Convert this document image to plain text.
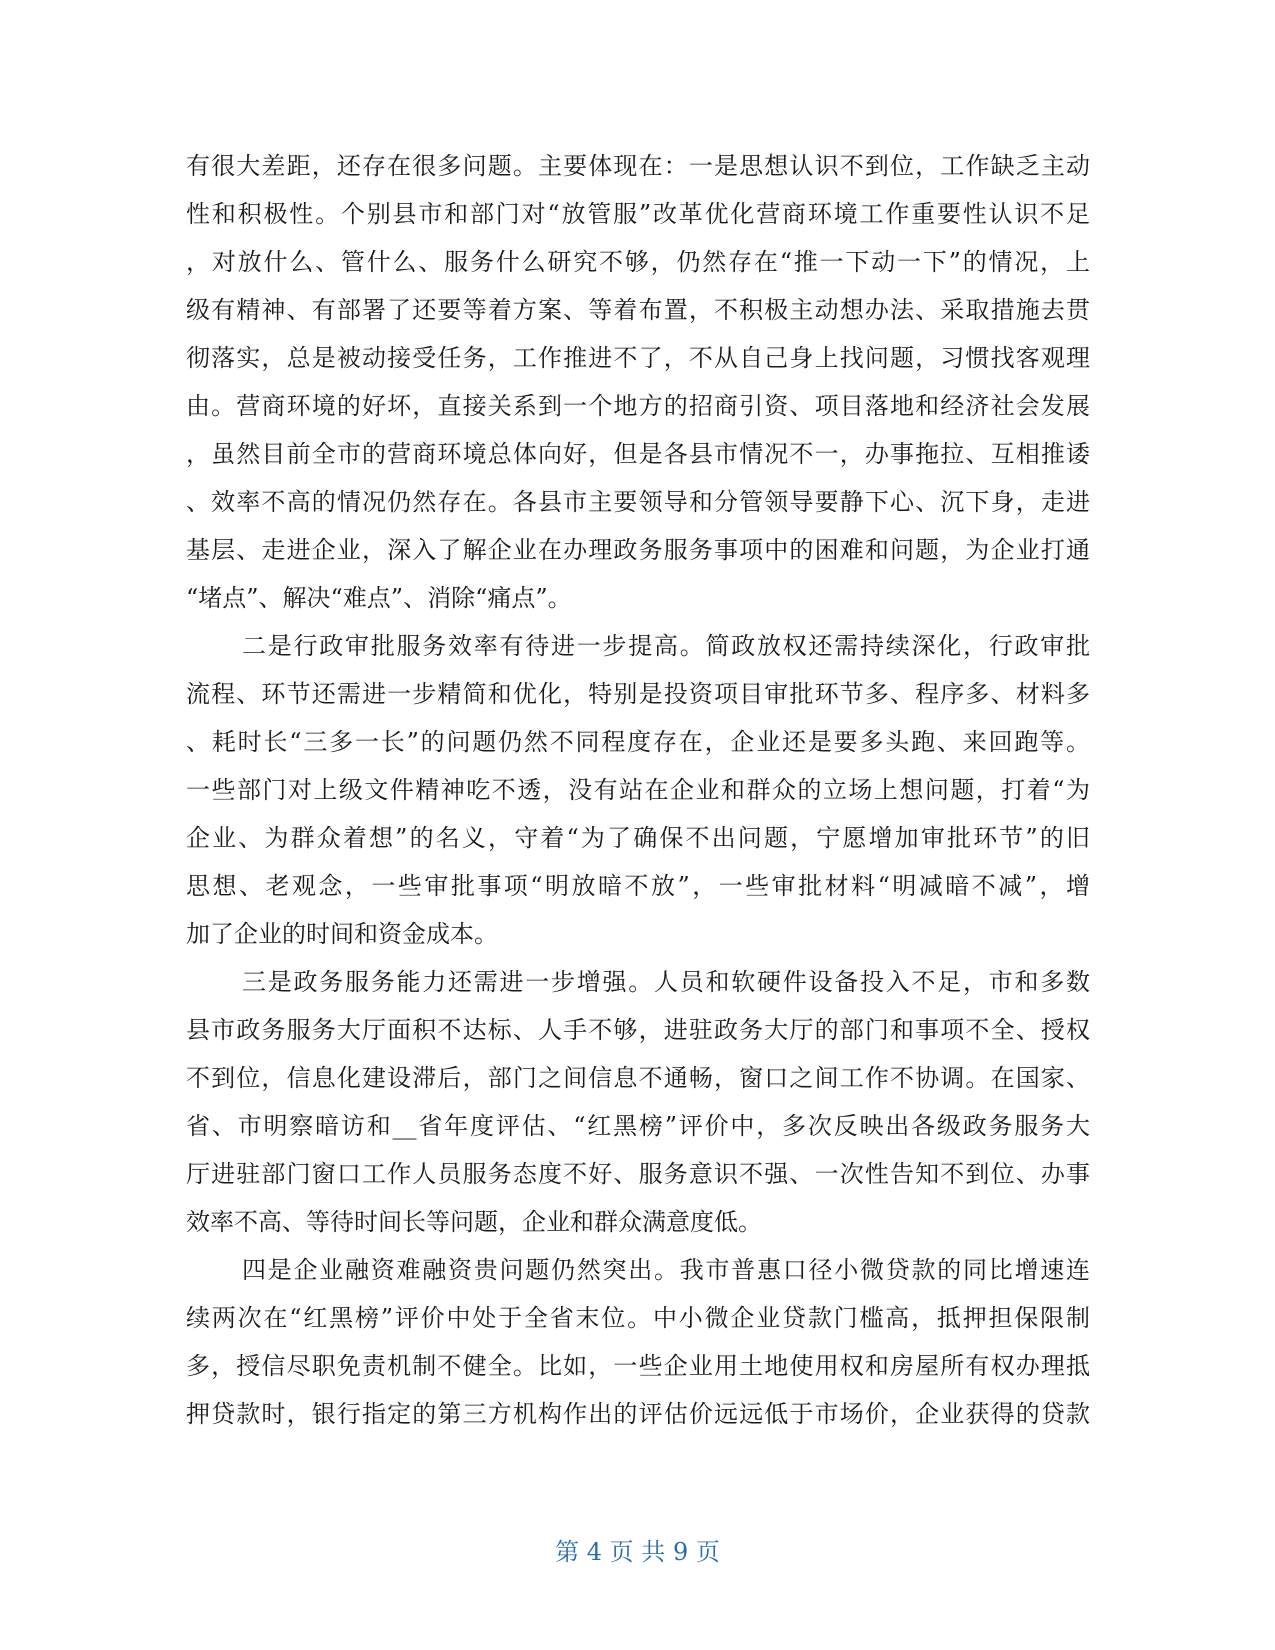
有很大差距，还存在很多问题。主要体现在：一是思想认识不到位，工作缺乏主动
性和积极性。个别县市和部门对“放管服”改革优化营商环境工作重要性认识不足
，对放什么、管什么、服务什么研究不够，仍然存在“推一下动一下”的情况，上
级有精神、有部署了还要等着方案、等着布置，不积极主动想办法、采取措施去贯
彻落实，总是被动接受任务，工作推进不了，不从自己身上找问题，习惯找客观理
由。营商环境的好坏，直接关系到一个地方的招商引资、项目落地和经济社会发展
，虽然目前全市的营商环境总体向好，但是各县市情况不一，办事拖拉、互相推诿
、效率不高的情况仍然存在。各县市主要领导和分管领导要静下心、沉下身，走进
基层、走进企业，深入了解企业在办理政务服务事项中的困难和问题，为企业打通
“堵点”、解决“难点”、消除“痛点”。
二是行政审批服务效率有待进一步提高。简政放权还需持续深化，行政审批
流程、环节还需进一步精简和优化，特别是投资项目审批环节多、程序多、材料多
、耗时长“三多一长”的问题仍然不同程度存在，企业还是要多头跑、来回跑等。
一些部门对上级文件精神吃不透，没有站在企业和群众的立场上想问题，打着“为
企业、为群众着想”的名义，守着“为了确保不出问题，宁愿增加审批环节”的旧
思想、老观念，一些审批事项“明放暗不放”，一些审批材料“明减暗不减”，增
加了企业的时间和资金成本。
三是政务服务能力还需进一步增强。人员和软硬件设备投入不足，市和多数
县市政务服务大厅面积不达标、人手不够，进驻政务大厅的部门和事项不全、授权
不到位，信息化建设滞后，部门之间信息不通畅，窗口之间工作不协调。在国家、
省、市明察暗访和__省年度评估、“红黑榜”评价中，多次反映出各级政务服务大
厅进驻部门窗口工作人员服务态度不好、服务意识不强、一次性告知不到位、办事
效率不高、等待时间长等问题，企业和群众满意度低。
四是企业融资难融资贵问题仍然突出。我市普惠口径小微贷款的同比增速连
续两次在“红黑榜”评价中处于全省末位。中小微企业贷款门槛高，抵押担保限制
多，授信尽职免责机制不健全。比如，一些企业用土地使用权和房屋所有权办理抵
押贷款时，银行指定的第三方机构作出的评估价远远低于市场价，企业获得的贷款
第 4 页 共 9 页
